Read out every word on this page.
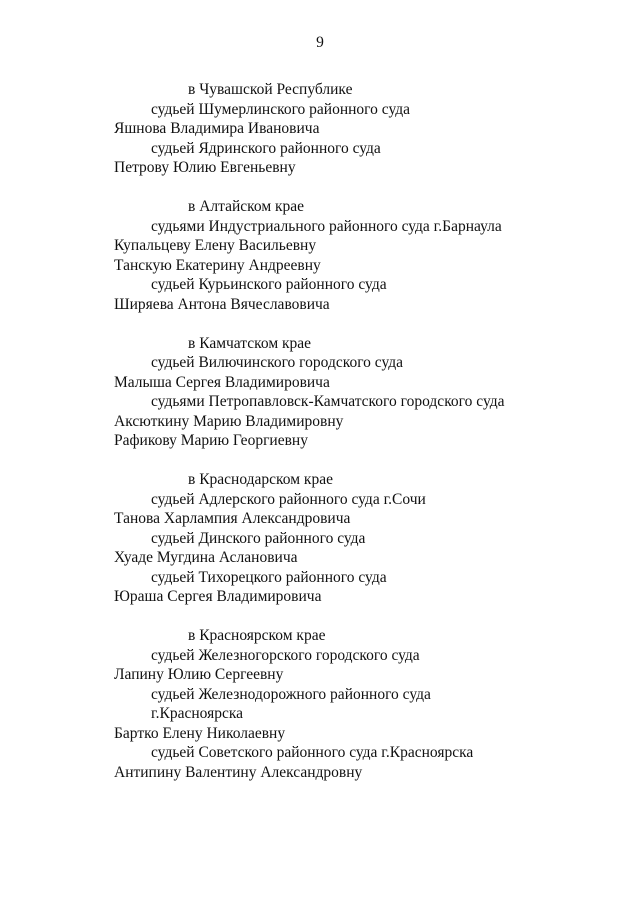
9
в Чувашской Республике
судьей Шумерлинского районного суда
Яшнова Владимира Ивановича
судьей Ядринского районного суда
Петрову Юлию Евгеньевну
в Алтайском крае
судьями Индустриального районного суда г.Барнаула
Купальцеву Елену Васильевну
Танскую Екатерину Андреевну
судьей Курьинского районного суда
Ширяева Антона Вячеславовича
в Камчатском крае
судьей Вилючинского городского суда
Малыша Сергея Владимировича
судьями Петропавловск-Камчатского городского суда
Аксюткину Марию Владимировну
Рафикову Марию Георгиевну
в Краснодарском крае
судьей Адлерского районного суда г.Сочи
Танова Харлампия Александровича
судьей Динского районного суда
Хуаде Мугдина Аслановича
судьей Тихорецкого районного суда
Юраша Сергея Владимировича
в Красноярском крае
судьей Железногорского городского суда
Лапину Юлию Сергеевну
судьей Железнодорожного районного суда
г.Красноярска
Бартко Елену Николаевну
судьей Советского районного суда г.Красноярска
Антипину Валентину Александровну
